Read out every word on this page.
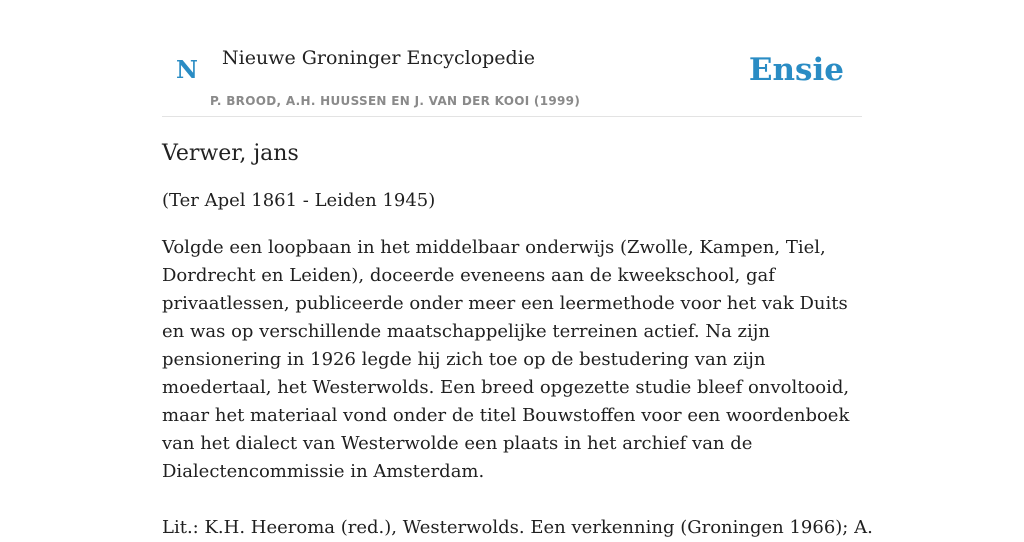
N Nieuwe Groninger Encyclopedie
P. BROOD, A.H. HUUSSEN EN J. VAN DER KOOI (1999)
Ensie
Verwer, jans

(Ter Apel 1861 - Leiden 1945)

Volgde een loopbaan in het middelbaar onderwijs (Zwolle, Kampen, Tiel, Dordrecht en Leiden), doceerde eveneens aan de kweekschool, gaf privaatlessen, publiceerde onder meer een leermethode voor het vak Duits en was op verschillende maatschappelijke terreinen actief. Na zijn pensionering in 1926 legde hij zich toe op de bestudering van zijn moedertaal, het Westerwolds. Een breed opgezette studie bleef onvoltooid, maar het materiaal vond onder de titel Bouwstoffen voor een woordenboek van het dialect van Westerwolde een plaats in het archief van de Dialectencommissie in Amsterdam.

Lit.: K.H. Heeroma (red.), Westerwolds. Een verkenning (Groningen 1966); A.
